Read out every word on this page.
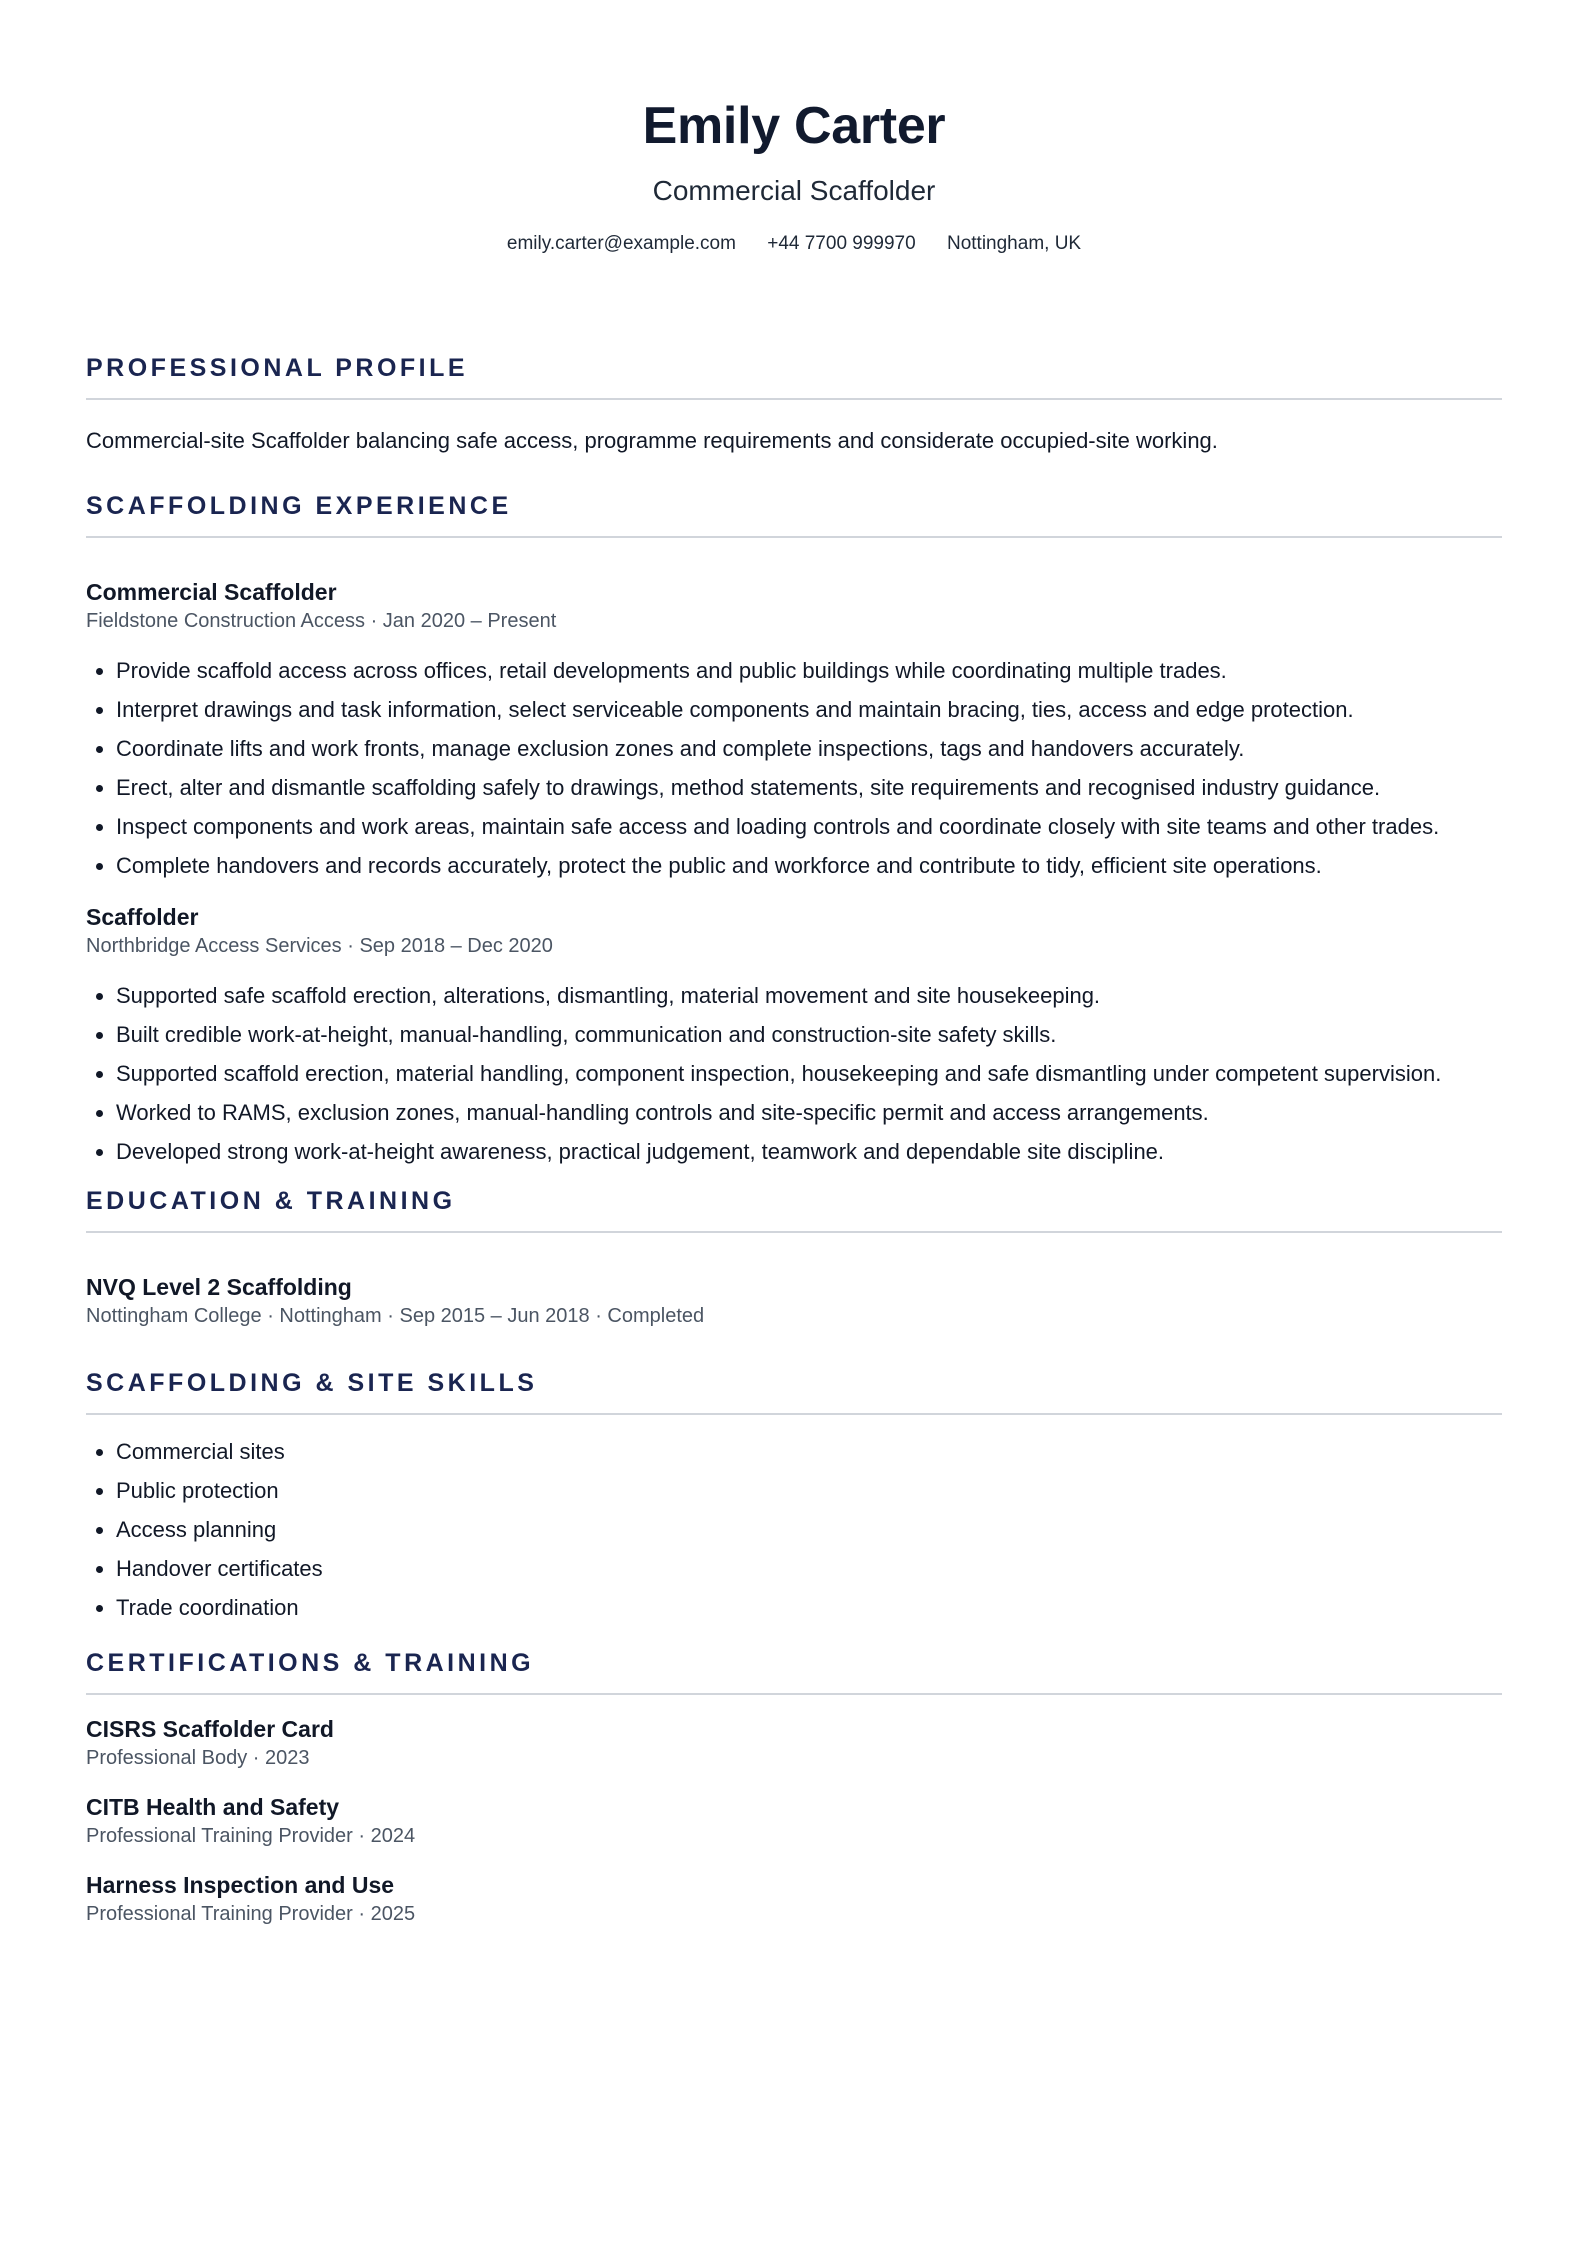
Emily Carter
Commercial Scaffolder
emily.carter@example.com +44 7700 999970 Nottingham, UK
PROFESSIONAL PROFILE
Commercial-site Scaffolder balancing safe access, programme requirements and considerate occupied-site working.
SCAFFOLDING EXPERIENCE
Commercial Scaffolder
Fieldstone Construction Access · Jan 2020 – Present
• Provide scaffold access across offices, retail developments and public buildings while coordinating multiple trades.
• Interpret drawings and task information, select serviceable components and maintain bracing, ties, access and edge protection.
• Coordinate lifts and work fronts, manage exclusion zones and complete inspections, tags and handovers accurately.
• Erect, alter and dismantle scaffolding safely to drawings, method statements, site requirements and recognised industry guidance.
• Inspect components and work areas, maintain safe access and loading controls and coordinate closely with site teams and other trades.
• Complete handovers and records accurately, protect the public and workforce and contribute to tidy, efficient site operations.
Scaffolder
Northbridge Access Services · Sep 2018 – Dec 2020
• Supported safe scaffold erection, alterations, dismantling, material movement and site housekeeping.
• Built credible work-at-height, manual-handling, communication and construction-site safety skills.
• Supported scaffold erection, material handling, component inspection, housekeeping and safe dismantling under competent supervision.
• Worked to RAMS, exclusion zones, manual-handling controls and site-specific permit and access arrangements.
• Developed strong work-at-height awareness, practical judgement, teamwork and dependable site discipline.
EDUCATION & TRAINING
NVQ Level 2 Scaffolding
Nottingham College · Nottingham · Sep 2015 – Jun 2018 · Completed
SCAFFOLDING & SITE SKILLS
• Commercial sites
• Public protection
• Access planning
• Handover certificates
• Trade coordination
CERTIFICATIONS & TRAINING
CISRS Scaffolder Card
Professional Body · 2023
CITB Health and Safety
Professional Training Provider · 2024
Harness Inspection and Use
Professional Training Provider · 2025
